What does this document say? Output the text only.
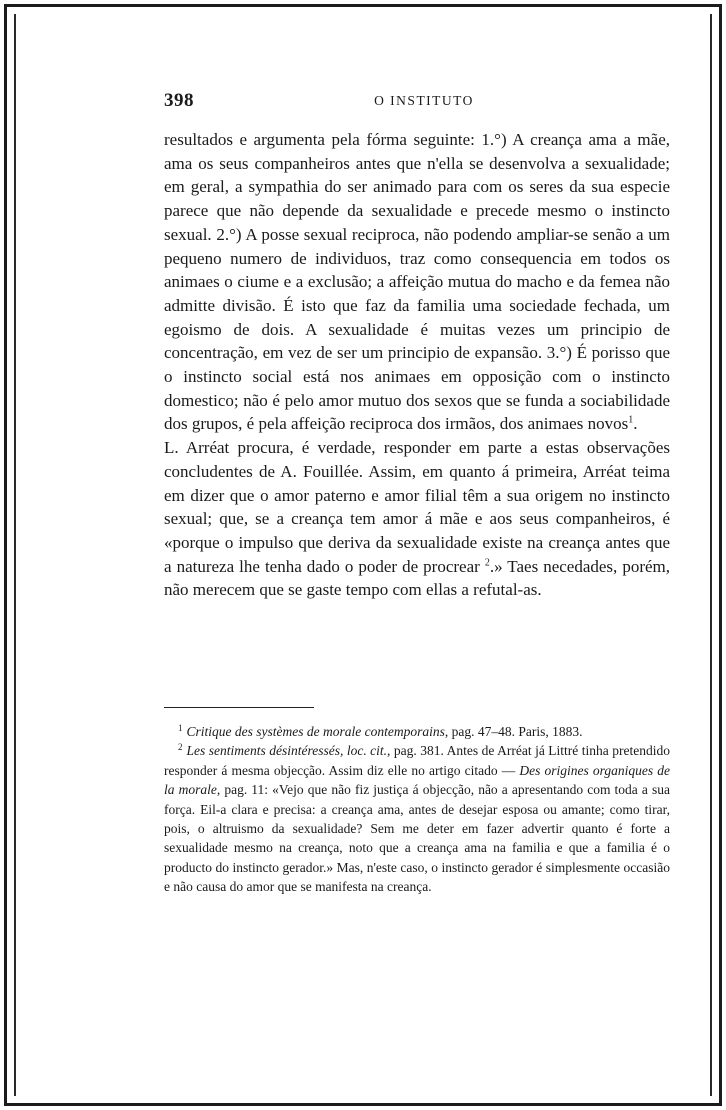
398	O INSTITUTO

resultados e argumenta pela fórma seguinte: 1.°) A creança ama a mãe, ama os seus companheiros antes que n'ella se desenvolva a sexualidade; em geral, a sympathia do ser animado para com os seres da sua especie parece que não depende da sexualidade e precede mesmo o instincto sexual. 2.°) A posse sexual reciproca, não podendo ampliar-se senão a um pequeno numero de individuos, traz como consequencia em todos os animaes o ciume e a exclusão; a affeição mutua do macho e da femea não admitte divisão. É isto que faz da familia uma sociedade fechada, um egoismo de dois. A sexualidade é muitas vezes um principio de concentração, em vez de ser um principio de expansão. 3.°) É porisso que o instincto social está nos animaes em opposição com o instincto domestico; não é pelo amor mutuo dos sexos que se funda a sociabilidade dos grupos, é pela affeição reciproca dos irmãos, dos animaes novos$^1$.

L. Arréat procura, é verdade, responder em parte a estas observações concludentes de A. Fouillée. Assim, em quanto á primeira, Arréat teima em dizer que o amor paterno e amor filial têm a sua origem no instincto sexual; que, se a creança tem amor á mãe e aos seus companheiros, é «porque o impulso que deriva da sexualidade existe na creança antes que a natureza lhe tenha dado o poder de procrear $^2$.» Taes necedades, porém, não merecem que se gaste tempo com ellas a refutal-as.

$^1$ Critique des systèmes de morale contemporains, pag. 47–48. Paris, 1883.

$^2$ Les sentiments désintéressés, loc. cit., pag. 381. Antes de Arréat já Littré tinha pretendido responder á mesma objecção. Assim diz elle no artigo citado — Des origines organiques de la morale, pag. 11: «Vejo que não fiz justiça á objecção, não a apresentando com toda a sua força. Eil-a clara e precisa: a creança ama, antes de desejar esposa ou amante; como tirar, pois, o altruismo da sexualidade? Sem me deter em fazer advertir quanto é forte a sexualidade mesmo na creança, noto que a creança ama na familia e que a familia é o producto do instincto gerador.» Mas, n'este caso, o instincto gerador é simplesmente occasião e não causa do amor que se manifesta na creança.
